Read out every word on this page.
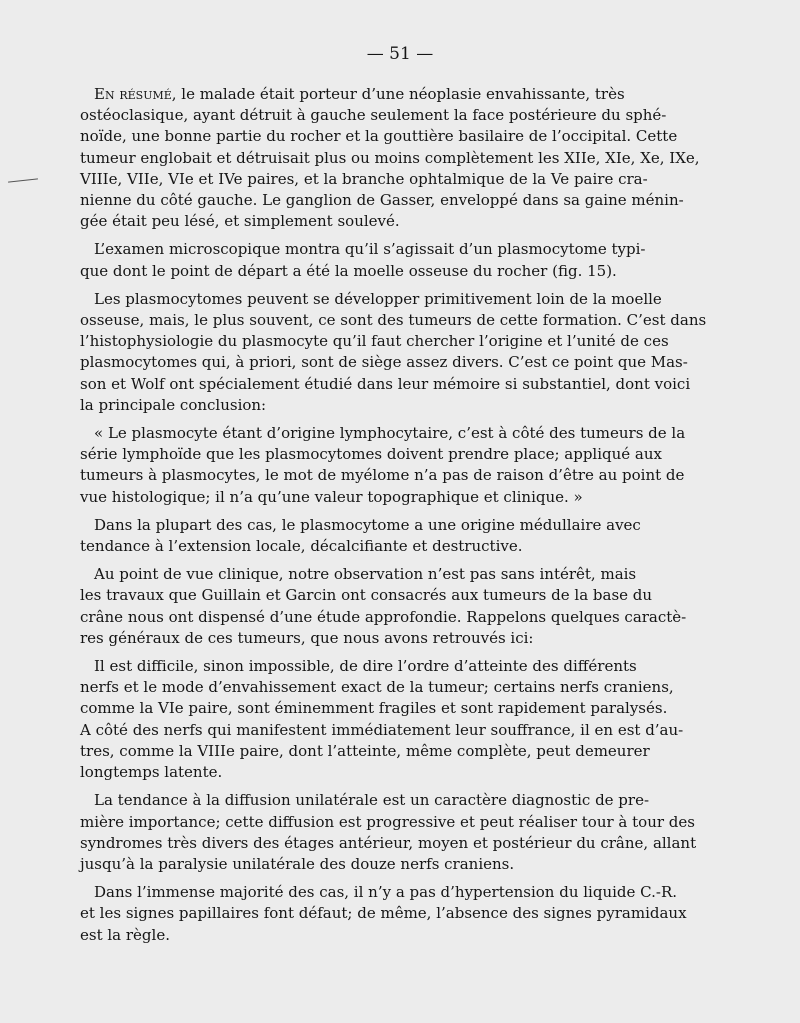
— 51 —

En résumé, le malade était porteur d’une néoplasie envahissante, très
ostéoclasique, ayant détruit à gauche seulement la face postérieure du sphé-
noïde, une bonne partie du rocher et la gouttière basilaire de l’occipital. Cette
tumeur englobait et détruisait plus ou moins complètement les XIIe, XIe, Xe, IXe,
VIIIe, VIIe, VIe et IVe paires, et la branche ophtalmique de la Ve paire cra-
nienne du côté gauche. Le ganglion de Gasser, enveloppé dans sa gaine ménin-
gée était peu lésé, et simplement soulevé.

L’examen microscopique montra qu’il s’agissait d’un plasmocytome typi-
que dont le point de départ a été la moelle osseuse du rocher (fig. 15).

Les plasmocytomes peuvent se développer primitivement loin de la moelle
osseuse, mais, le plus souvent, ce sont des tumeurs de cette formation. C’est dans
l’histophysiologie du plasmocyte qu’il faut chercher l’origine et l’unité de ces
plasmocytomes qui, à priori, sont de siège assez divers. C’est ce point que Mas-
son et Wolf ont spécialement étudié dans leur mémoire si substantiel, dont voici
la principale conclusion:

« Le plasmocyte étant d’origine lymphocytaire, c’est à côté des tumeurs de la
série lymphoïde que les plasmocytomes doivent prendre place; appliqué aux
tumeurs à plasmocytes, le mot de myélome n’a pas de raison d’être au point de
vue histologique; il n’a qu’une valeur topographique et clinique. »

Dans la plupart des cas, le plasmocytome a une origine médullaire avec
tendance à l’extension locale, décalcifiante et destructive.

Au point de vue clinique, notre observation n’est pas sans intérêt, mais
les travaux que Guillain et Garcin ont consacrés aux tumeurs de la base du
crâne nous ont dispensé d’une étude approfondie. Rappelons quelques caractè-
res généraux de ces tumeurs, que nous avons retrouvés ici:

Il est difficile, sinon impossible, de dire l’ordre d’atteinte des différents
nerfs et le mode d’envahissement exact de la tumeur; certains nerfs craniens,
comme la VIe paire, sont éminemment fragiles et sont rapidement paralysés.
A côté des nerfs qui manifestent immédiatement leur souffrance, il en est d’au-
tres, comme la VIIIe paire, dont l’atteinte, même complète, peut demeurer
longtemps latente.

La tendance à la diffusion unilatérale est un caractère diagnostic de pre-
mière importance; cette diffusion est progressive et peut réaliser tour à tour des
syndromes très divers des étages antérieur, moyen et postérieur du crâne, allant
jusqu’à la paralysie unilatérale des douze nerfs craniens.

Dans l’immense majorité des cas, il n’y a pas d’hypertension du liquide C.-R.
et les signes papillaires font défaut; de même, l’absence des signes pyramidaux
est la règle.
